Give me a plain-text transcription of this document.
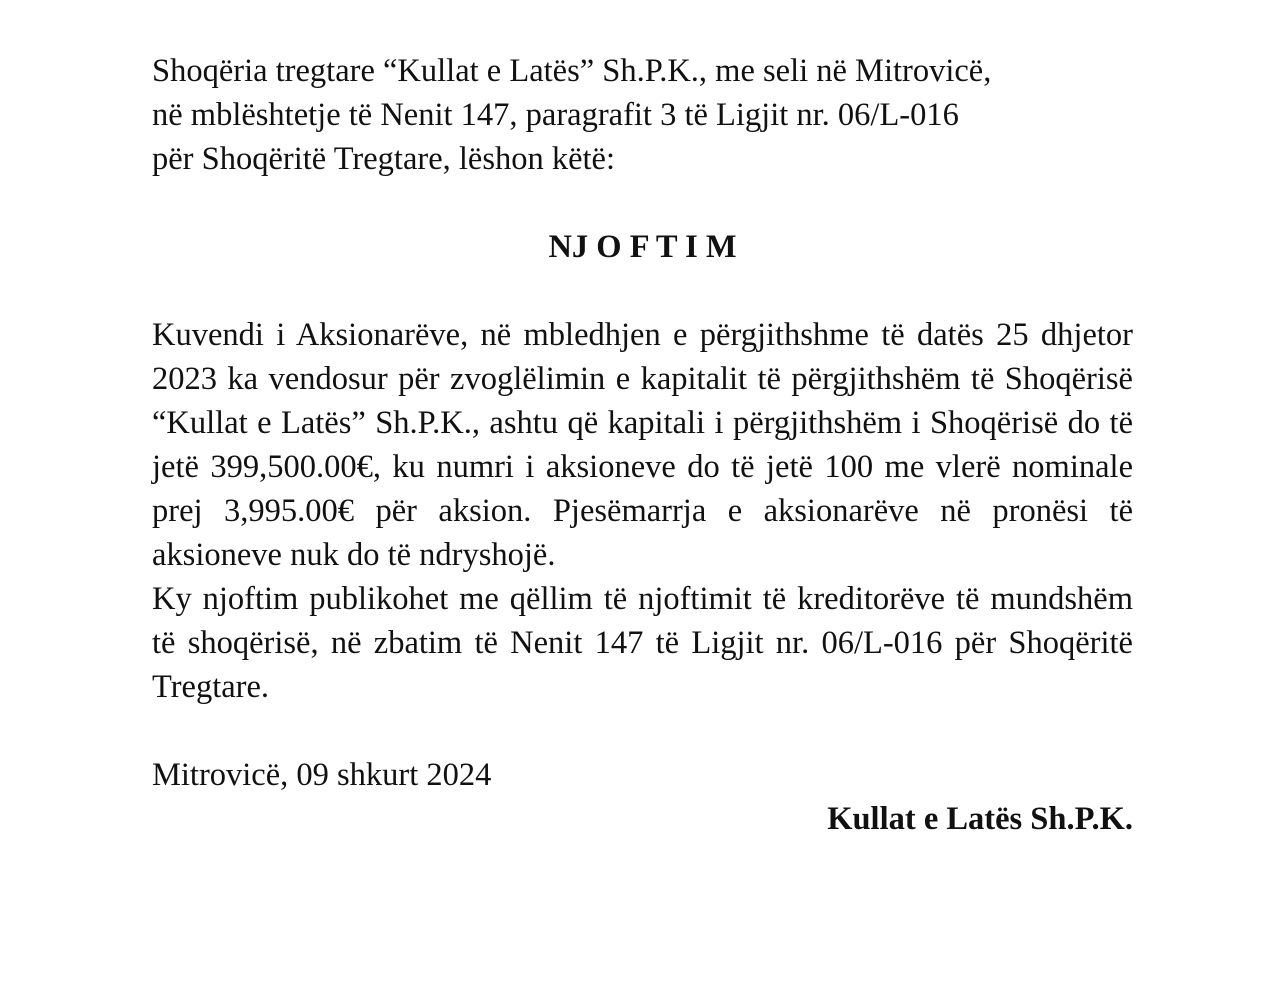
Shoqëria tregtare “Kullat e Latës” Sh.P.K., me seli në Mitrovicë,

në mblështetje të Nenit 147, paragrafit 3 të Ligjit nr. 06/L-016

për Shoqëritë Tregtare, lëshon këtë:

NJ O F T I M

Kuvendi i Aksionarëve, në mbledhjen e përgjithshme të datës 25 dhjetor 2023 ka vendosur për zvoglëlimin e kapitalit të përgjithshëm të Shoqërisë “Kullat e Latës” Sh.P.K., ashtu që kapitali i përgjithshëm i Shoqërisë do të jetë 399,500.00€, ku numri i aksioneve do të jetë 100 me vlerë nominale prej 3,995.00€ për aksion. Pjesëmarrja e aksionarëve në pronësi të aksioneve nuk do të ndryshojë.

Ky njoftim publikohet me qëllim të njoftimit të kreditorëve të mundshëm të shoqërisë, në zbatim të Nenit 147 të Ligjit nr. 06/L-016 për Shoqëritë Tregtare.

Mitrovicë, 09 shkurt 2024

Kullat e Latës Sh.P.K.
